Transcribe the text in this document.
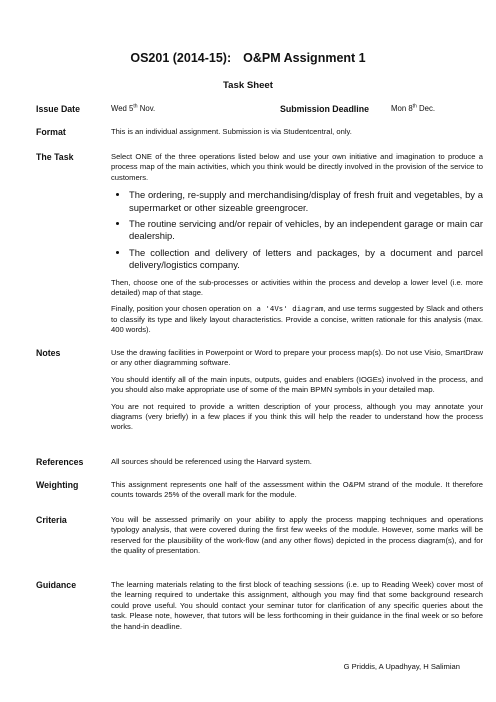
OS201 (2014-15): O&PM Assignment 1
Task Sheet
Issue Date	Wed 5th Nov.	Submission Deadline	Mon 8th Dec.
Format	This is an individual assignment. Submission is via Studentcentral, only.

The Task	Select ONE of the three operations listed below and use your own initiative and imagination to produce a process map of the main activities, which you think would be directly involved in the provision of the service to customers.

• The ordering, re-supply and merchandising/display of fresh fruit and vegetables, by a supermarket or other sizeable greengrocer.
• The routine servicing and/or repair of vehicles, by an independent garage or main car dealership.
• The collection and delivery of letters and packages, by a document and parcel delivery/logistics company.

Then, choose one of the sub-processes or activities within the process and develop a lower level (i.e. more detailed) map of that stage.

Finally, position your chosen operation on a '4Vs' diagram, and use terms suggested by Slack and others to classify its type and likely layout characteristics. Provide a concise, written rationale for this analysis (max. 400 words).

Notes	Use the drawing facilities in Powerpoint or Word to prepare your process map(s). Do not use Visio, SmartDraw or any other diagramming software.

You should identify all of the main inputs, outputs, guides and enablers (IOGEs) involved in the process, and you should also make appropriate use of some of the main BPMN symbols in your detailed map.

You are not required to provide a written description of your process, although you may annotate your diagrams (very briefly) in a few places if you think this will help the reader to understand how the process works.

References	All sources should be referenced using the Harvard system.

Weighting	This assignment represents one half of the assessment within the O&PM strand of the module. It therefore counts towards 25% of the overall mark for the module.

Criteria	You will be assessed primarily on your ability to apply the process mapping techniques and operations typology analysis, that were covered during the first few weeks of the module. However, some marks will be reserved for the plausibility of the work-flow (and any other flows) depicted in the process diagram(s), and for the quality of presentation.

Guidance	The learning materials relating to the first block of teaching sessions (i.e. up to Reading Week) cover most of the learning required to undertake this assignment, although you may find that some background research could prove useful. You should contact your seminar tutor for clarification of any specific queries about the task. Please note, however, that tutors will be less forthcoming in their guidance in the final week or so before the hand-in deadline.

G Priddis, A Upadhyay, H Salimian
